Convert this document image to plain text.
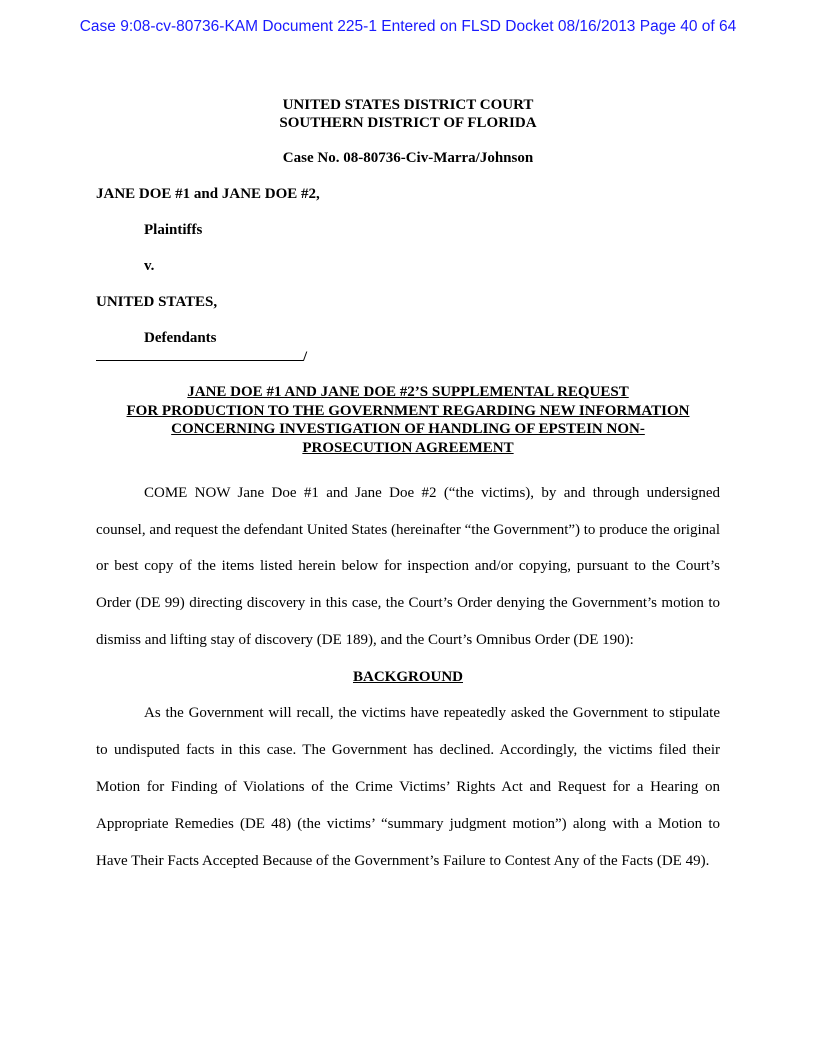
Case 9:08-cv-80736-KAM Document 225-1 Entered on FLSD Docket 08/16/2013 Page 40 of 64

UNITED STATES DISTRICT COURT

SOUTHERN DISTRICT OF FLORIDA

Case No. 08-80736-Civ-Marra/Johnson

JANE DOE #1 and JANE DOE #2,

Plaintiffs

v.

UNITED STATES,

Defendants

/

JANE DOE #1 AND JANE DOE #2’S SUPPLEMENTAL REQUEST
FOR PRODUCTION TO THE GOVERNMENT REGARDING NEW INFORMATION
CONCERNING INVESTIGATION OF HANDLING OF EPSTEIN NON-
PROSECUTION AGREEMENT

COME NOW Jane Doe #1 and Jane Doe #2 (“the victims), by and through undersigned counsel, and request the defendant United States (hereinafter “the Government”) to produce the original or best copy of the items listed herein below for inspection and/or copying, pursuant to the Court’s Order (DE 99) directing discovery in this case, the Court’s Order denying the Government’s motion to dismiss and lifting stay of discovery (DE 189), and the Court’s Omnibus Order (DE 190):

BACKGROUND

As the Government will recall, the victims have repeatedly asked the Government to stipulate to undisputed facts in this case. The Government has declined. Accordingly, the victims filed their Motion for Finding of Violations of the Crime Victims’ Rights Act and Request for a Hearing on Appropriate Remedies (DE 48) (the victims’ “summary judgment motion”) along with a Motion to Have Their Facts Accepted Because of the Government’s Failure to Contest Any of the Facts (DE 49).
